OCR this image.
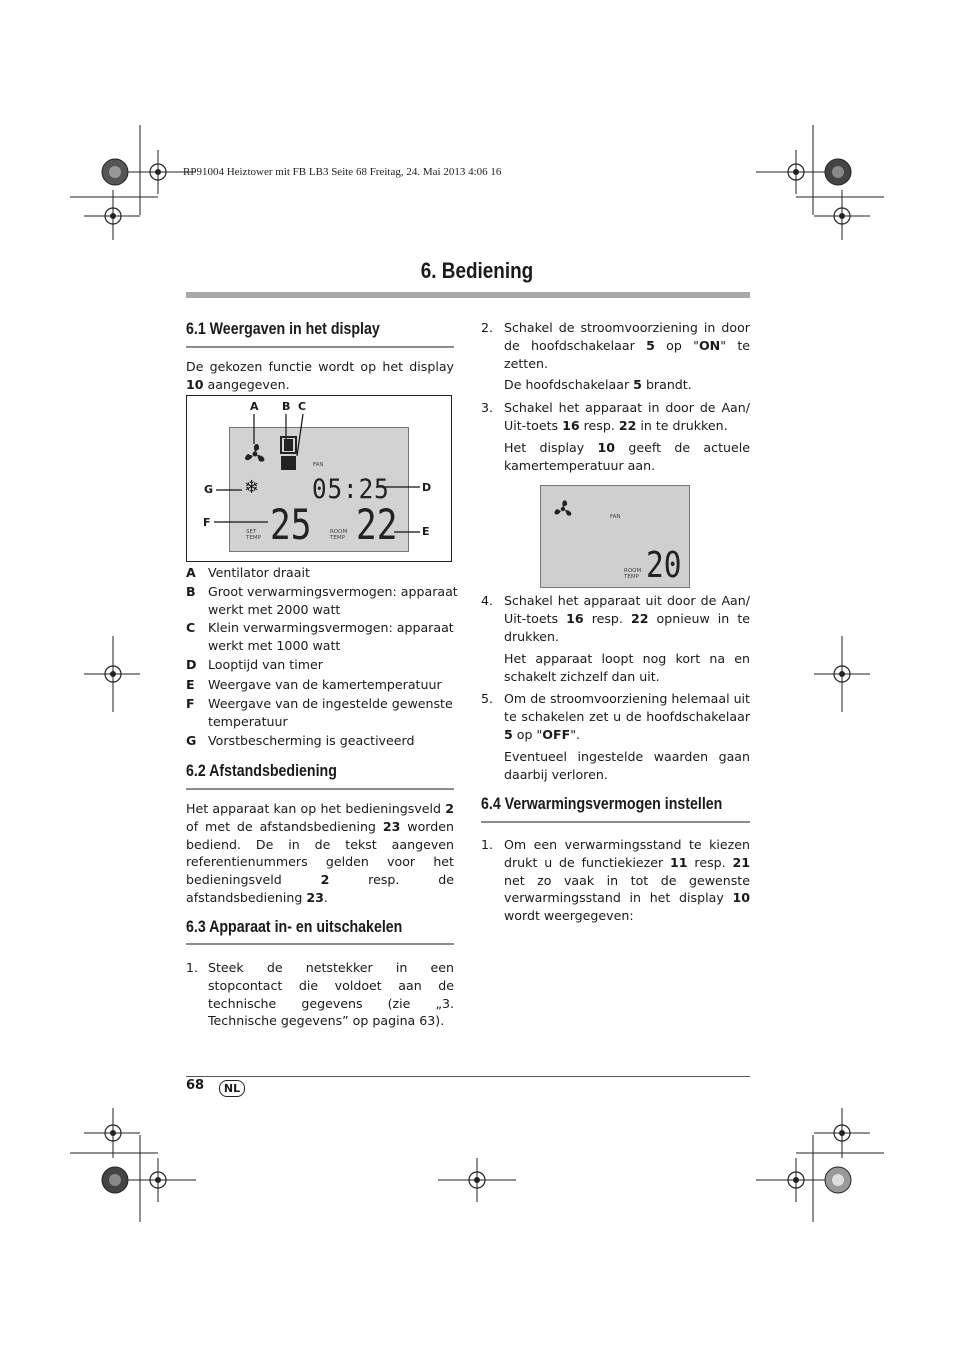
RP91004 Heiztower mit FB LB3 Seite 68 Freitag, 24. Mai 2013 4:06 16
6. Bediening
6.1 Weergaven in het display
De gekozen functie wordt op het display 10 aangegeven.
A B C
D
E
F
G
FAN
❄ 05:25
SET
TEMP 25	ROOM
TEMP 22
A Ventilator draait
B Groot verwarmingsvermogen: apparaat werkt met 2000 watt
C Klein verwarmingsvermogen: apparaat werkt met 1000 watt
D Looptijd van timer
E Weergave van de kamertemperatuur
F Weergave van de ingestelde gewenste temperatuur
G Vorstbescherming is geactiveerd
6.2 Afstandsbediening
Het apparaat kan op het bedieningsveld 2 of met de afstandsbediening 23 worden bediend. De in de tekst aangeven referentienummers gelden voor het bedieningsveld 2 resp. de afstandsbediening 23.
6.3 Apparaat in- en uitschakelen
1. Steek de netstekker in een stopcontact die voldoet aan de technische gegevens (zie „3. Technische gegevens” op pagina 63).
2. Schakel de stroomvoorziening in door de hoofdschakelaar 5 op "ON" te zetten.
De hoofdschakelaar 5 brandt.
3. Schakel het apparaat in door de Aan/ Uit-toets 16 resp. 22 in te drukken.
Het display 10 geeft de actuele kamertemperatuur aan.
FAN
ROOM
TEMP 20
4. Schakel het apparaat uit door de Aan/ Uit-toets 16 resp. 22 opnieuw in te drukken.
Het apparaat loopt nog kort na en schakelt zichzelf dan uit.
5. Om de stroomvoorziening helemaal uit te schakelen zet u de hoofdschakelaar 5 op "OFF".
Eventueel ingestelde waarden gaan daarbij verloren.
6.4 Verwarmingsvermogen instellen
1. Om een verwarmingsstand te kiezen drukt u de functiekiezer 11 resp. 21 net zo vaak in tot de gewenste verwarmingsstand in het display 10 wordt weergegeven:
68	NL
